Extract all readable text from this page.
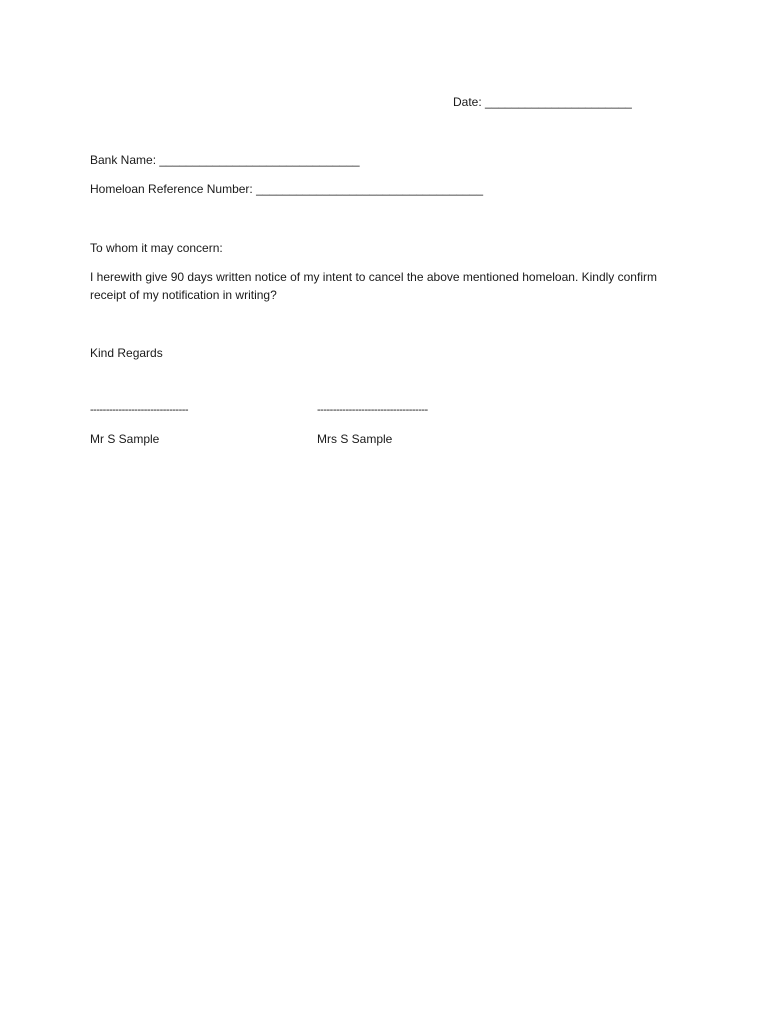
Date: ______________________
Bank Name: ______________________________
Homeloan Reference Number: __________________________________
To whom it may concern:
I herewith give 90 days written notice of my intent to cancel the above mentioned homeloan. Kindly confirm receipt of my notification in writing?
Kind Regards
-------------------------------
Mr S Sample
-----------------------------------
Mrs S Sample
